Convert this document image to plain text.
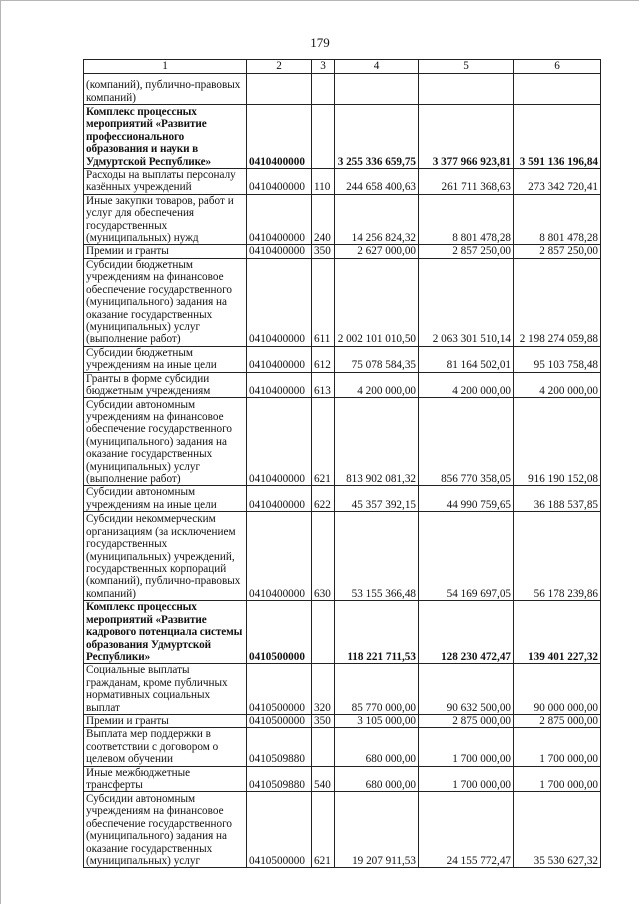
179
1	2	3	4	5	6
(компаний), публично-правовых компаний)					
Комплекс процессных мероприятий «Развитие профессионального образования и науки в Удмуртской Республике»	0410400000		3 255 336 659,75	3 377 966 923,81	3 591 136 196,84
Расходы на выплаты персоналу казённых учреждений	0410400000	110	244 658 400,63	261 711 368,63	273 342 720,41
Иные закупки товаров, работ и услуг для обеспечения государственных (муниципальных) нужд	0410400000	240	14 256 824,32	8 801 478,28	8 801 478,28
Премии и гранты	0410400000	350	2 627 000,00	2 857 250,00	2 857 250,00
Субсидии бюджетным учреждениям на финансовое обеспечение государственного (муниципального) задания на оказание государственных (муниципальных) услуг (выполнение работ)	0410400000	611	2 002 101 010,50	2 063 301 510,14	2 198 274 059,88
Субсидии бюджетным учреждениям на иные цели	0410400000	612	75 078 584,35	81 164 502,01	95 103 758,48
Гранты в форме субсидии бюджетным учреждениям	0410400000	613	4 200 000,00	4 200 000,00	4 200 000,00
Субсидии автономным учреждениям на финансовое обеспечение государственного (муниципального) задания на оказание государственных (муниципальных) услуг (выполнение работ)	0410400000	621	813 902 081,32	856 770 358,05	916 190 152,08
Субсидии автономным учреждениям на иные цели	0410400000	622	45 357 392,15	44 990 759,65	36 188 537,85
Субсидии некоммерческим организациям (за исключением государственных (муниципальных) учреждений, государственных корпораций (компаний), публично-правовых компаний)	0410400000	630	53 155 366,48	54 169 697,05	56 178 239,86
Комплекс процессных мероприятий «Развитие кадрового потенциала системы образования Удмуртской Республики»	0410500000		118 221 711,53	128 230 472,47	139 401 227,32
Социальные выплаты гражданам, кроме публичных нормативных социальных выплат	0410500000	320	85 770 000,00	90 632 500,00	90 000 000,00
Премии и гранты	0410500000	350	3 105 000,00	2 875 000,00	2 875 000,00
Выплата мер поддержки в соответствии с договором о целевом обучении	0410509880		680 000,00	1 700 000,00	1 700 000,00
Иные межбюджетные трансферты	0410509880	540	680 000,00	1 700 000,00	1 700 000,00
Субсидии автономным учреждениям на финансовое обеспечение государственного (муниципального) задания на оказание государственных (муниципальных) услуг	0410500000	621	19 207 911,53	24 155 772,47	35 530 627,32
